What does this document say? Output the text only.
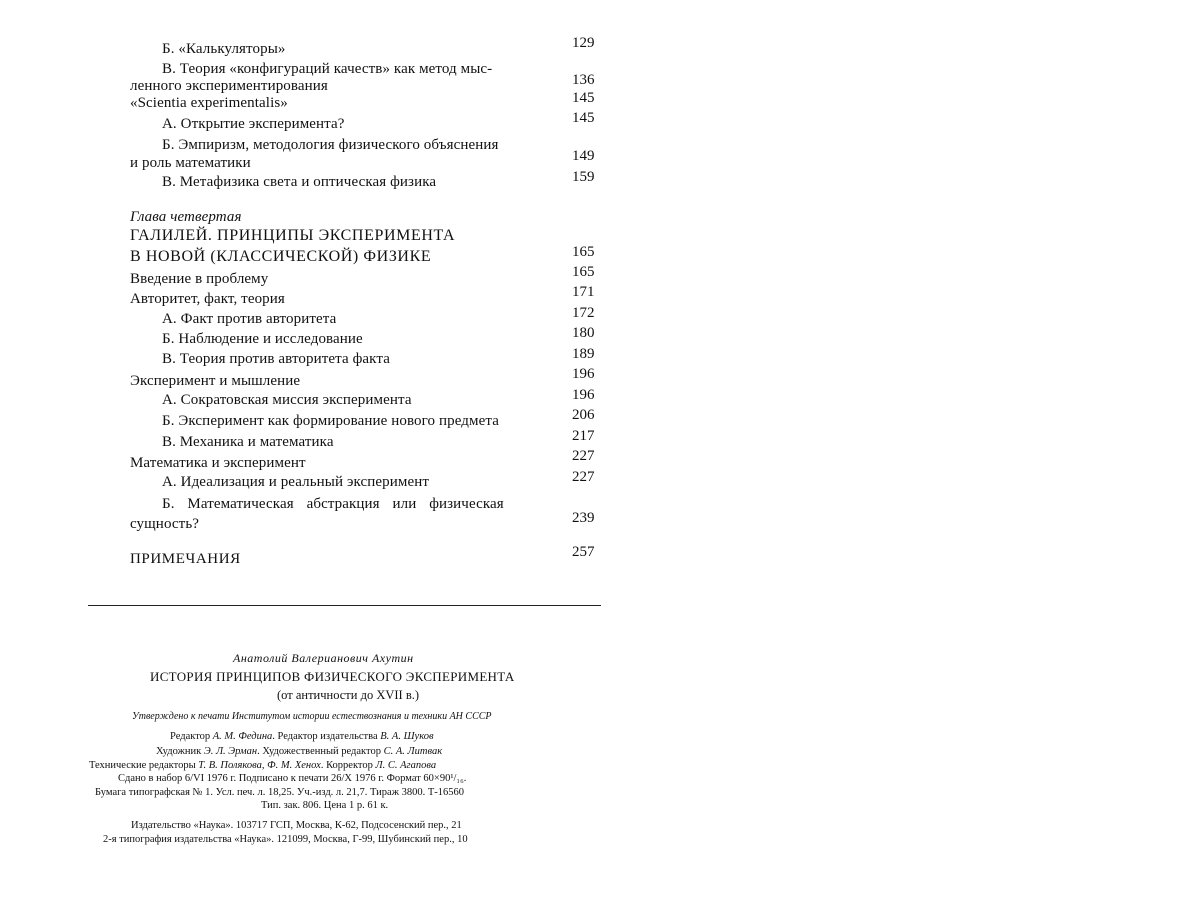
Б. «Калькуляторы»	129
В. Теория «конфигураций качеств» как метод мыс-
ленного экспериментирования	136
«Scientia experimentalis»	145
А. Открытие эксперимента?	145
Б. Эмпиризм, методология физического объяснения
и роль математики	149
В. Метафизика света и оптическая физика	159
Глава четвертая
ГАЛИЛЕЙ. ПРИНЦИПЫ ЭКСПЕРИМЕНТА
В НОВОЙ (КЛАССИЧЕСКОЙ) ФИЗИКЕ	165
Введение в проблему	165
Авторитет, факт, теория	171
А. Факт против авторитета	172
Б. Наблюдение и исследование	180
В. Теория против авторитета факта	189
Эксперимент и мышление	196
А. Сократовская миссия эксперимента	196
Б. Эксперимент как формирование нового предмета	206
В. Механика и математика	217
Математика и эксперимент	227
А. Идеализация и реальный эксперимент	227
Б. Математическая абстракция или физическая
сущность?	239
ПРИМЕЧАНИЯ	257
Анатолий Валерианович Ахутин
ИСТОРИЯ ПРИНЦИПОВ ФИЗИЧЕСКОГО ЭКСПЕРИМЕНТА
(от античности до XVII в.)
Утверждено к печати Институтом истории естествознания и техники АН СССР
Редактор А. М. Федина. Редактор издательства В. А. Шуков
Художник Э. Л. Эрман. Художественный редактор С. А. Литвак
Технические редакторы Т. В. Полякова, Ф. М. Хенох. Корректор Л. С. Агапова
Сдано в набор 6/VI 1976 г. Подписано к печати 26/X 1976 г. Формат 60×90¹/₁₆.
Бумага типографская № 1. Усл. печ. л. 18,25. Уч.-изд. л. 21,7. Тираж 3800. Т-16560
Тип. зак. 806. Цена 1 р. 61 к.
Издательство «Наука». 103717 ГСП, Москва, К-62, Подсосенский пер., 21
2-я типография издательства «Наука». 121099, Москва, Г-99, Шубинский пер., 10
